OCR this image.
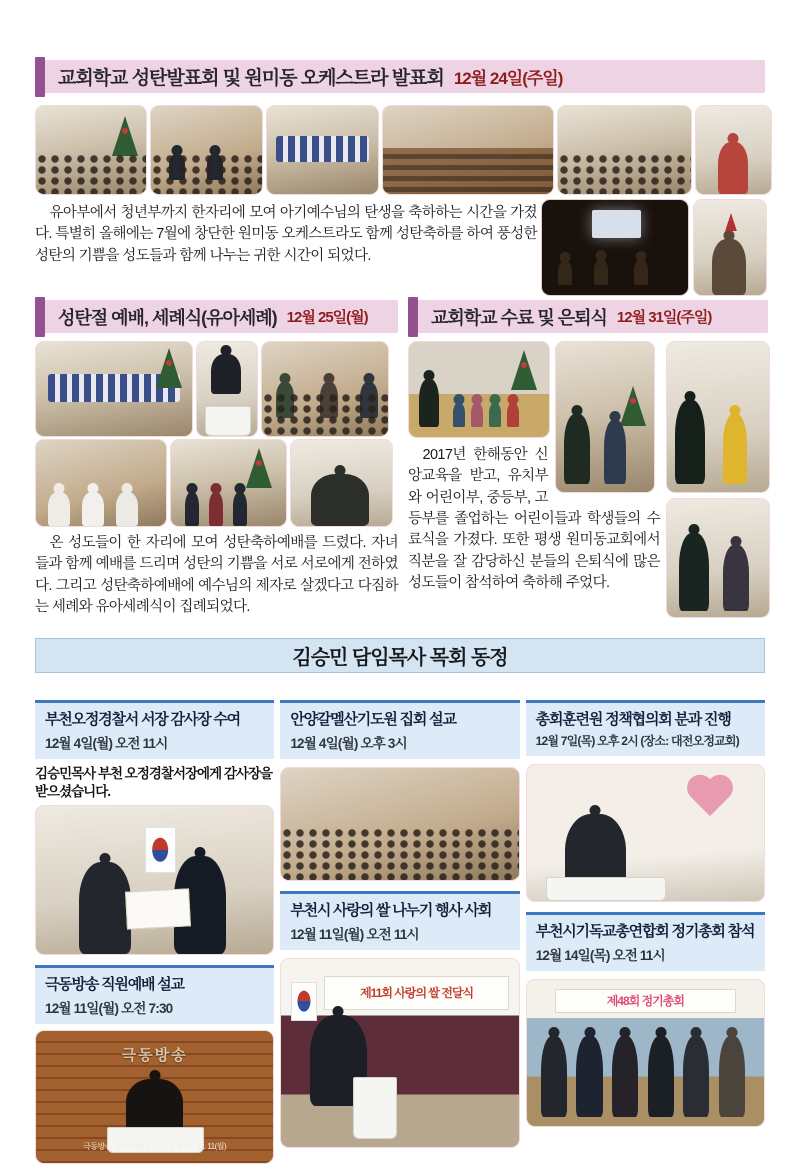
교회학교 성탄발표회 및 원미동 오케스트라 발표회 12월 24일(주일)
유아부에서 청년부까지 한자리에 모여 아기예수님의 탄생을 축하하는 시간을 가졌다. 특별히 올해에는 7월에 창단한 원미동 오케스트라도 함께 성탄축하를 하여 풍성한 성탄의 기쁨을 성도들과 함께 나누는 귀한 시간이 되었다.
성탄절 예배, 세례식(유아세례) 12월 25일(월)
온 성도들이 한 자리에 모여 성탄축하예배를 드렸다. 자녀들과 함께 예배를 드리며 성탄의 기쁨을 서로 서로에게 전하였다. 그리고 성탄축하예배에 예수님의 제자로 살겠다고 다짐하는 세례와 유아세례식이 집례되었다.
교회학교 수료 및 은퇴식 12월 31일(주일)
2017년 한해동안 신앙교육을 받고, 유치부와 어린이부, 중등부, 고등부를 졸업하는 어린이들과 학생들의 수료식을 가졌다. 또한 평생 원미동교회에서 직분을 잘 감당하신 분들의 은퇴식에 많은 성도들이 참석하여 축하해 주었다.
김승민 담임목사 목회 동정
부천오정경찰서 서장 감사장 수여
12월 4일(월) 오전 11시
김승민목사 부천 오정경찰서장에게 감사장을 받으셨습니다.
극동방송 직원예배 설교
12월 11일(월) 오전 7:30
극동방송
극동방송 직원예배 설교 기념 2017. 12. 11(월)
안양갈멜산기도원 집회 설교
12월 4일(월) 오후 3시
부천시 사랑의 쌀 나누기 행사 사회
12월 11일(월) 오전 11시
제11회 사랑의 쌀 전달식
총회훈련원 정책협의회 분과 진행
12월 7일(목) 오후 2시 (장소: 대전오정교회)
부천시기독교총연합회 정기총회 참석
12월 14일(목) 오전 11시
제48회 정기총회
